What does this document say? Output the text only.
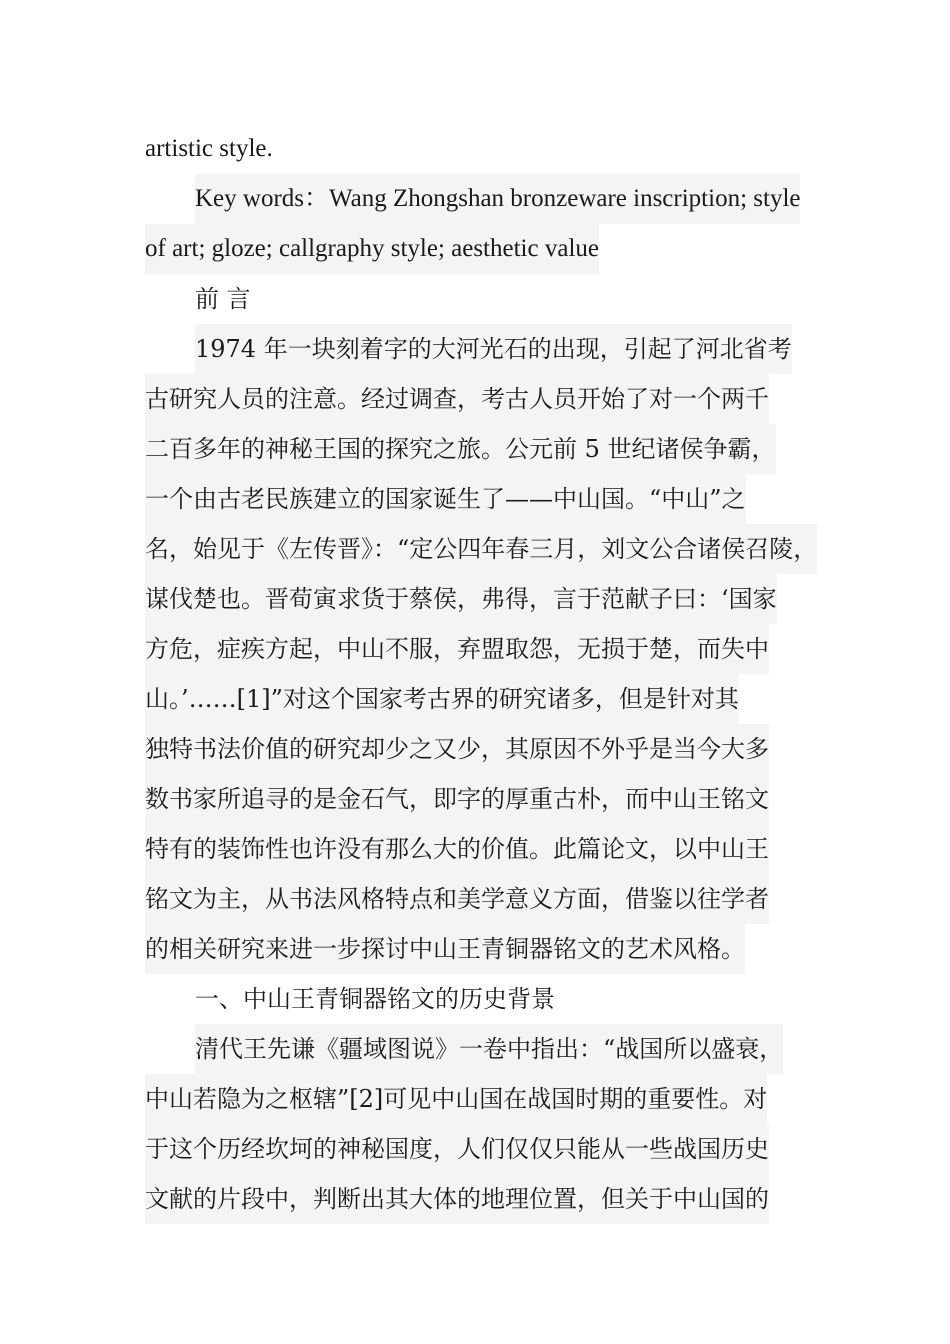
artistic style.
Key words：Wang Zhongshan bronzeware inscription; style
of art; gloze; callgraphy style; aesthetic value
前 言
1974 年一块刻着字的大河光石的出现，引起了河北省考
古研究人员的注意。经过调查，考古人员开始了对一个两千
二百多年的神秘王国的探究之旅。公元前 5 世纪诸侯争霸，
一个由古老民族建立的国家诞生了——中山国。“中山”之
名，始见于《左传晋》：“定公四年春三月，刘文公合诸侯召陵，
谋伐楚也。晋荀寅求货于蔡侯，弗得，言于范献子曰：‘国家
方危，症疾方起，中山不服，弃盟取怨，无损于楚，而失中
山。’……[1]”对这个国家考古界的研究诸多，但是针对其
独特书法价值的研究却少之又少，其原因不外乎是当今大多
数书家所追寻的是金石气，即字的厚重古朴，而中山王铭文
特有的装饰性也许没有那么大的价值。此篇论文，以中山王
铭文为主，从书法风格特点和美学意义方面，借鉴以往学者
的相关研究来进一步探讨中山王青铜器铭文的艺术风格。
一、中山王青铜器铭文的历史背景
清代王先谦《疆域图说》一卷中指出：“战国所以盛衰，
中山若隐为之枢辖”[2]可见中山国在战国时期的重要性。对
于这个历经坎坷的神秘国度，人们仅仅只能从一些战国历史
文献的片段中，判断出其大体的地理位置，但关于中山国的
